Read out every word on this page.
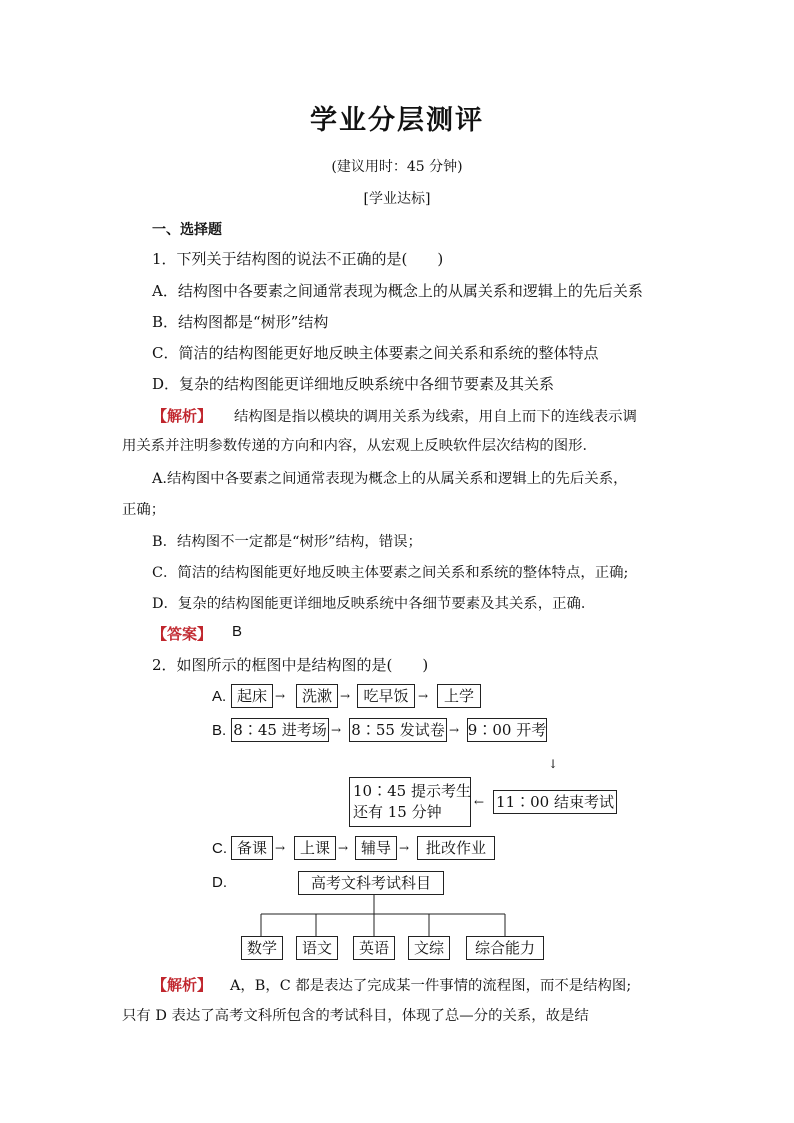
学业分层测评
(建议用时：45 分钟)
[学业达标]
一、选择题
1．下列关于结构图的说法不正确的是(　　)
A．结构图中各要素之间通常表现为概念上的从属关系和逻辑上的先后关系
B．结构图都是“树形”结构
C．简洁的结构图能更好地反映主体要素之间关系和系统的整体特点
D．复杂的结构图能更详细地反映系统中各细节要素及其关系
【解析】 结构图是指以模块的调用关系为线索，用自上而下的连线表示调
用关系并注明参数传递的方向和内容，从宏观上反映软件层次结构的图形．
A.结构图中各要素之间通常表现为概念上的从属关系和逻辑上的先后关系，
正确；
B．结构图不一定都是“树形”结构，错误；
C．简洁的结构图能更好地反映主体要素之间关系和系统的整体特点，正确;
D．复杂的结构图能更详细地反映系统中各细节要素及其关系，正确．
【答案】 B
2．如图所示的框图中是结构图的是(　　)
A. 起床 →	洗漱 → 吃早饭 →	上学
B. 8∶45 进考场 → 8∶55 发试卷 → 9∶00 开考
↓
10∶45 提示考生
还有 15 分钟
← 11∶00 结束考试
C. 备课 → 上课 → 辅导 →	批改作业
D.	高考文科考试科目
数学	语文	英语	文综	综合能力
【解析】 A，B，C 都是表达了完成某一件事情的流程图，而不是结构图;
只有 D 表达了高考文科所包含的考试科目，体现了总—分的关系，故是结
